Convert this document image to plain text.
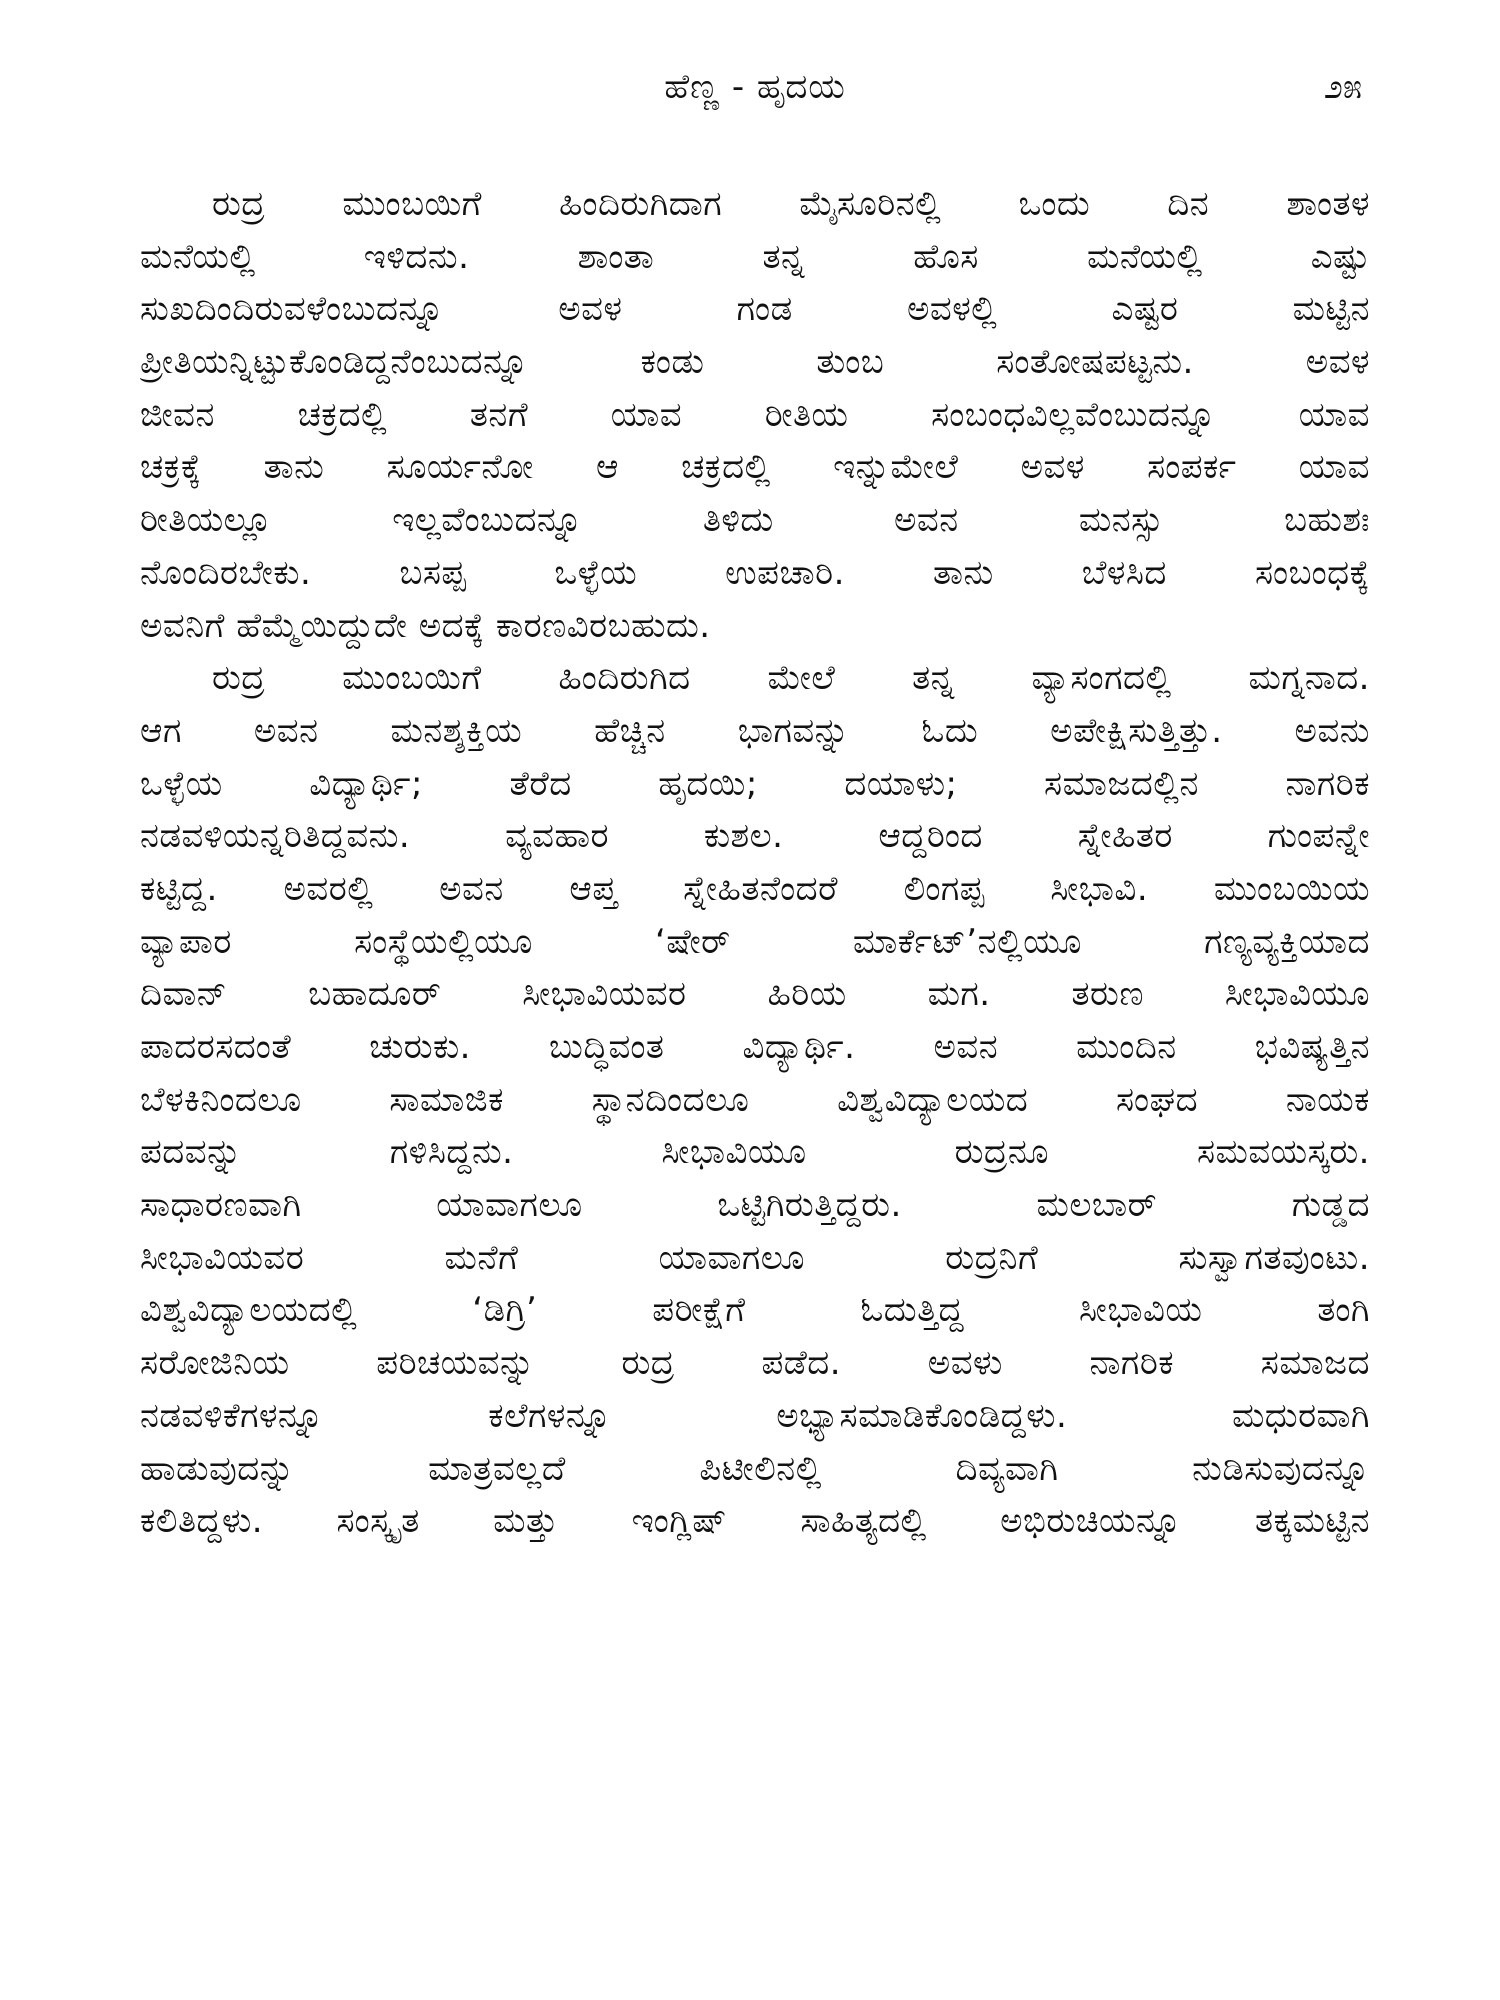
ಹೆಣ್ಣ - ಹೃದಯ	೨೫
ರುದ್ರ ಮುಂಬಯಿಗೆ ಹಿಂದಿರುಗಿದಾಗ ಮೈಸೂರಿನಲ್ಲಿ ಒಂದು ದಿನ ಶಾಂತಳ
ಮನೆಯಲ್ಲಿ ಇಳಿದನು. ಶಾಂತಾ ತನ್ನ ಹೊಸ ಮನೆಯಲ್ಲಿ ಎಷ್ಟು
ಸುಖದಿಂದಿರುವಳೆಂಬುದನ್ನೂ ಅವಳ ಗಂಡ ಅವಳಲ್ಲಿ ಎಷ್ಟರ ಮಟ್ಟಿನ
ಪ್ರೀತಿಯನ್ನಿಟ್ಟುಕೊಂಡಿದ್ದನೆಂಬುದನ್ನೂ ಕಂಡು ತುಂಬ ಸಂತೋಷಪಟ್ಟನು. ಅವಳ
ಜೀವನ ಚಕ್ರದಲ್ಲಿ ತನಗೆ ಯಾವ ರೀತಿಯ ಸಂಬಂಧವಿಲ್ಲವೆಂಬುದನ್ನೂ ಯಾವ
ಚಕ್ರಕ್ಕೆ ತಾನು ಸೂರ್ಯನೋ ಆ ಚಕ್ರದಲ್ಲಿ ಇನ್ನುಮೇಲೆ ಅವಳ ಸಂಪರ್ಕ ಯಾವ
ರೀತಿಯಲ್ಲೂ ಇಲ್ಲವೆಂಬುದನ್ನೂ ತಿಳಿದು ಅವನ ಮನಸ್ಸು ಬಹುಶಃ
ನೊಂದಿರಬೇಕು. ಬಸಪ್ಪ ಒಳ್ಳೆಯ ಉಪಚಾರಿ. ತಾನು ಬೆಳಸಿದ ಸಂಬಂಧಕ್ಕೆ
ಅವನಿಗೆ ಹೆಮ್ಮೆಯಿದ್ದುದೇ ಅದಕ್ಕೆ ಕಾರಣವಿರಬಹುದು.
ರುದ್ರ ಮುಂಬಯಿಗೆ ಹಿಂದಿರುಗಿದ ಮೇಲೆ ತನ್ನ ವ್ಯಾಸಂಗದಲ್ಲಿ ಮಗ್ನನಾದ.
ಆಗ ಅವನ ಮನಶ್ಶಕ್ತಿಯ ಹೆಚ್ಚಿನ ಭಾಗವನ್ನು ಓದು ಅಪೇಕ್ಷಿಸುತ್ತಿತ್ತು. ಅವನು
ಒಳ್ಳೆಯ ವಿದ್ಯಾರ್ಥಿ; ತೆರೆದ ಹೃದಯಿ; ದಯಾಳು; ಸಮಾಜದಲ್ಲಿನ ನಾಗರಿಕ
ನಡವಳಿಯನ್ನರಿತಿದ್ದವನು. ವ್ಯವಹಾರ ಕುಶಲ. ಆದ್ದರಿಂದ ಸ್ನೇಹಿತರ ಗುಂಪನ್ನೇ
ಕಟ್ಟಿದ್ದ. ಅವರಲ್ಲಿ ಅವನ ಆಪ್ತ ಸ್ನೇಹಿತನೆಂದರೆ ಲಿಂಗಪ್ಪ ಸೀಭಾವಿ. ಮುಂಬಯಿಯ
ವ್ಯಾಪಾರ ಸಂಸ್ಥೆಯಲ್ಲಿಯೂ ‘ಷೇರ್ ಮಾರ್ಕೆಟ್’ನಲ್ಲಿಯೂ ಗಣ್ಯವ್ಯಕ್ತಿಯಾದ
ದಿವಾನ್ ಬಹಾದೂರ್ ಸೀಭಾವಿಯವರ ಹಿರಿಯ ಮಗ. ತರುಣ ಸೀಭಾವಿಯೂ
ಪಾದರಸದಂತೆ ಚುರುಕು. ಬುದ್ಧಿವಂತ ವಿದ್ಯಾರ್ಥಿ. ಅವನ ಮುಂದಿನ ಭವಿಷ್ಯತ್ತಿನ
ಬೆಳಕಿನಿಂದಲೂ ಸಾಮಾಜಿಕ ಸ್ಥಾನದಿಂದಲೂ ವಿಶ್ವವಿದ್ಯಾಲಯದ ಸಂಘದ ನಾಯಕ
ಪದವನ್ನು ಗಳಿಸಿದ್ದನು. ಸೀಭಾವಿಯೂ ರುದ್ರನೂ ಸಮವಯಸ್ಕರು.
ಸಾಧಾರಣವಾಗಿ ಯಾವಾಗಲೂ ಒಟ್ಟಿಗಿರುತ್ತಿದ್ದರು. ಮಲಬಾರ್ ಗುಡ್ಡದ
ಸೀಭಾವಿಯವರ ಮನೆಗೆ ಯಾವಾಗಲೂ ರುದ್ರನಿಗೆ ಸುಸ್ವಾಗತವುಂಟು.
ವಿಶ್ವವಿದ್ಯಾಲಯದಲ್ಲಿ ‘ಡಿಗ್ರಿ’ ಪರೀಕ್ಷೆಗೆ ಓದುತ್ತಿದ್ದ ಸೀಭಾವಿಯ ತಂಗಿ
ಸರೋಜಿನಿಯ ಪರಿಚಯವನ್ನು ರುದ್ರ ಪಡೆದ. ಅವಳು ನಾಗರಿಕ ಸಮಾಜದ
ನಡವಳಿಕೆಗಳನ್ನೂ ಕಲೆಗಳನ್ನೂ ಅಭ್ಯಾಸಮಾಡಿಕೊಂಡಿದ್ದಳು. ಮಧುರವಾಗಿ
ಹಾಡುವುದನ್ನು ಮಾತ್ರವಲ್ಲದೆ ಪಿಟೀಲಿನಲ್ಲಿ ದಿವ್ಯವಾಗಿ ನುಡಿಸುವುದನ್ನೂ
ಕಲಿತಿದ್ದಳು. ಸಂಸ್ಕೃತ ಮತ್ತು ಇಂಗ್ಲಿಷ್ ಸಾಹಿತ್ಯದಲ್ಲಿ ಅಭಿರುಚಿಯನ್ನೂ ತಕ್ಕಮಟ್ಟಿನ
